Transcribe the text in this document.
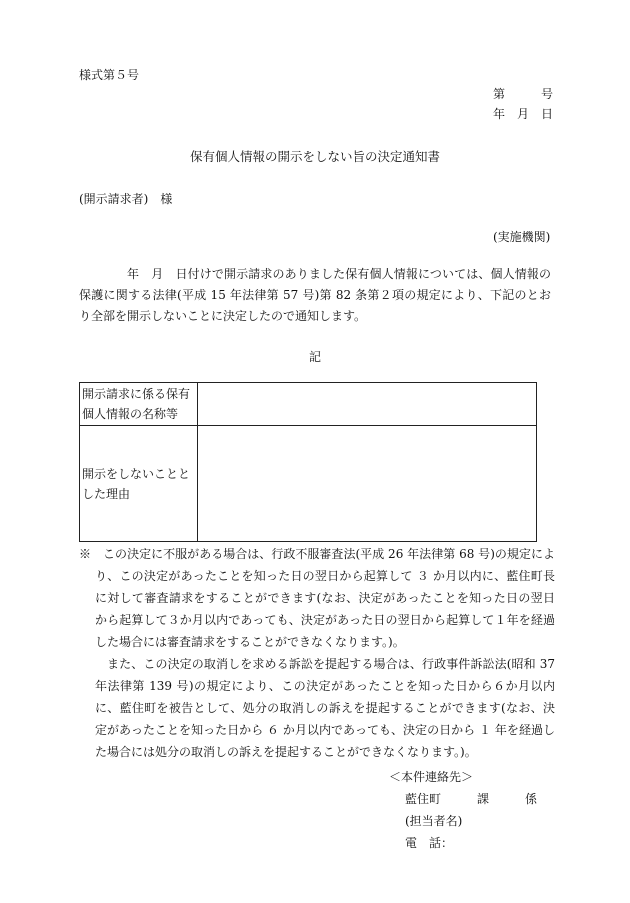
様式第５号
第　　　号
年　月　日
保有個人情報の開示をしない旨の決定通知書
(開示請求者)　様
(実施機関)

年　月　日付けで開示請求のありました保有個人情報については、個人情報の保護に関する法律(平成 15 年法律第 57 号)第 82 条第２項の規定により、下記のとおり全部を開示しないことに決定したので通知します。

記
開示請求に係る保有個人情報の名称等	
開示をしないこととした理由	

※　この決定に不服がある場合は、行政不服審査法(平成 26 年法律第 68 号)の規定により、この決定があったことを知った日の翌日から起算して ３ か月以内に、藍住町長に対して審査請求をすることができます(なお、決定があったことを知った日の翌日から起算して３か月以内であっても、決定があった日の翌日から起算して１年を経過した場合には審査請求をすることができなくなります。)。

また、この決定の取消しを求める訴訟を提起する場合は、行政事件訴訟法(昭和 37 年法律第 139 号)の規定により、この決定があったことを知った日から６か月以内に、藍住町を被告として、処分の取消しの訴えを提起することができます(なお、決定があったことを知った日から ６ か月以内であっても、決定の日から １ 年を経過した場合には処分の取消しの訴えを提起することができなくなります。)。

＜本件連絡先＞
藍住町　　　課　　　係
(担当者名)
電　話：
